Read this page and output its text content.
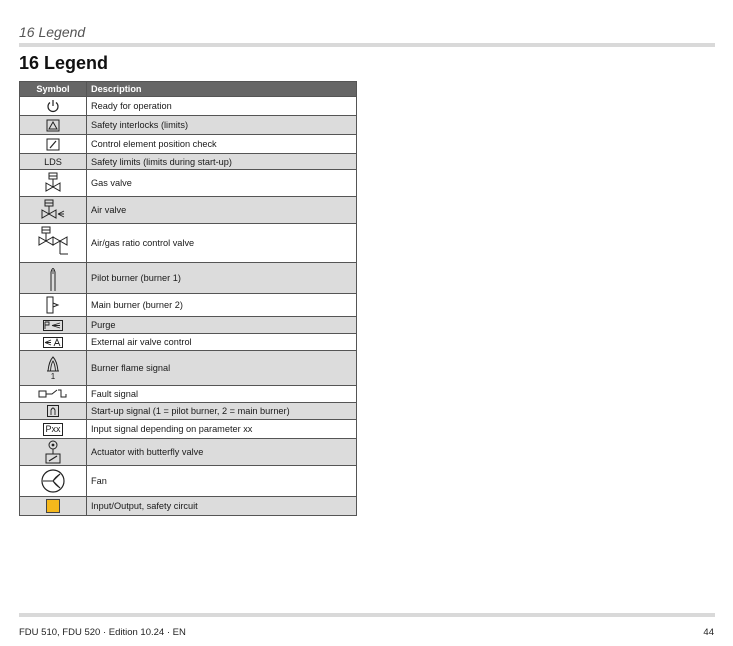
16 Legend
16 Legend
Symbol	Description

	Ready for operation

	Safety interlocks (limits)

	Control element position check
LDS	Safety limits (limits during start-up)

	Gas valve

	Air valve

	Air/gas ratio control valve

	Pilot burner (burner 1)

	Main burner (burner 2)

	Purge

	External air valve control

1	Burner flame signal

	Fault signal

	Start-up signal (1 = pilot burner, 2 = main burner)
Pxx	Input signal depending on parameter xx

	Actuator with butterfly valve

	Fan
	Input/Output, safety circuit
FDU 510, FDU 520 · Edition 10.24 · EN	44
